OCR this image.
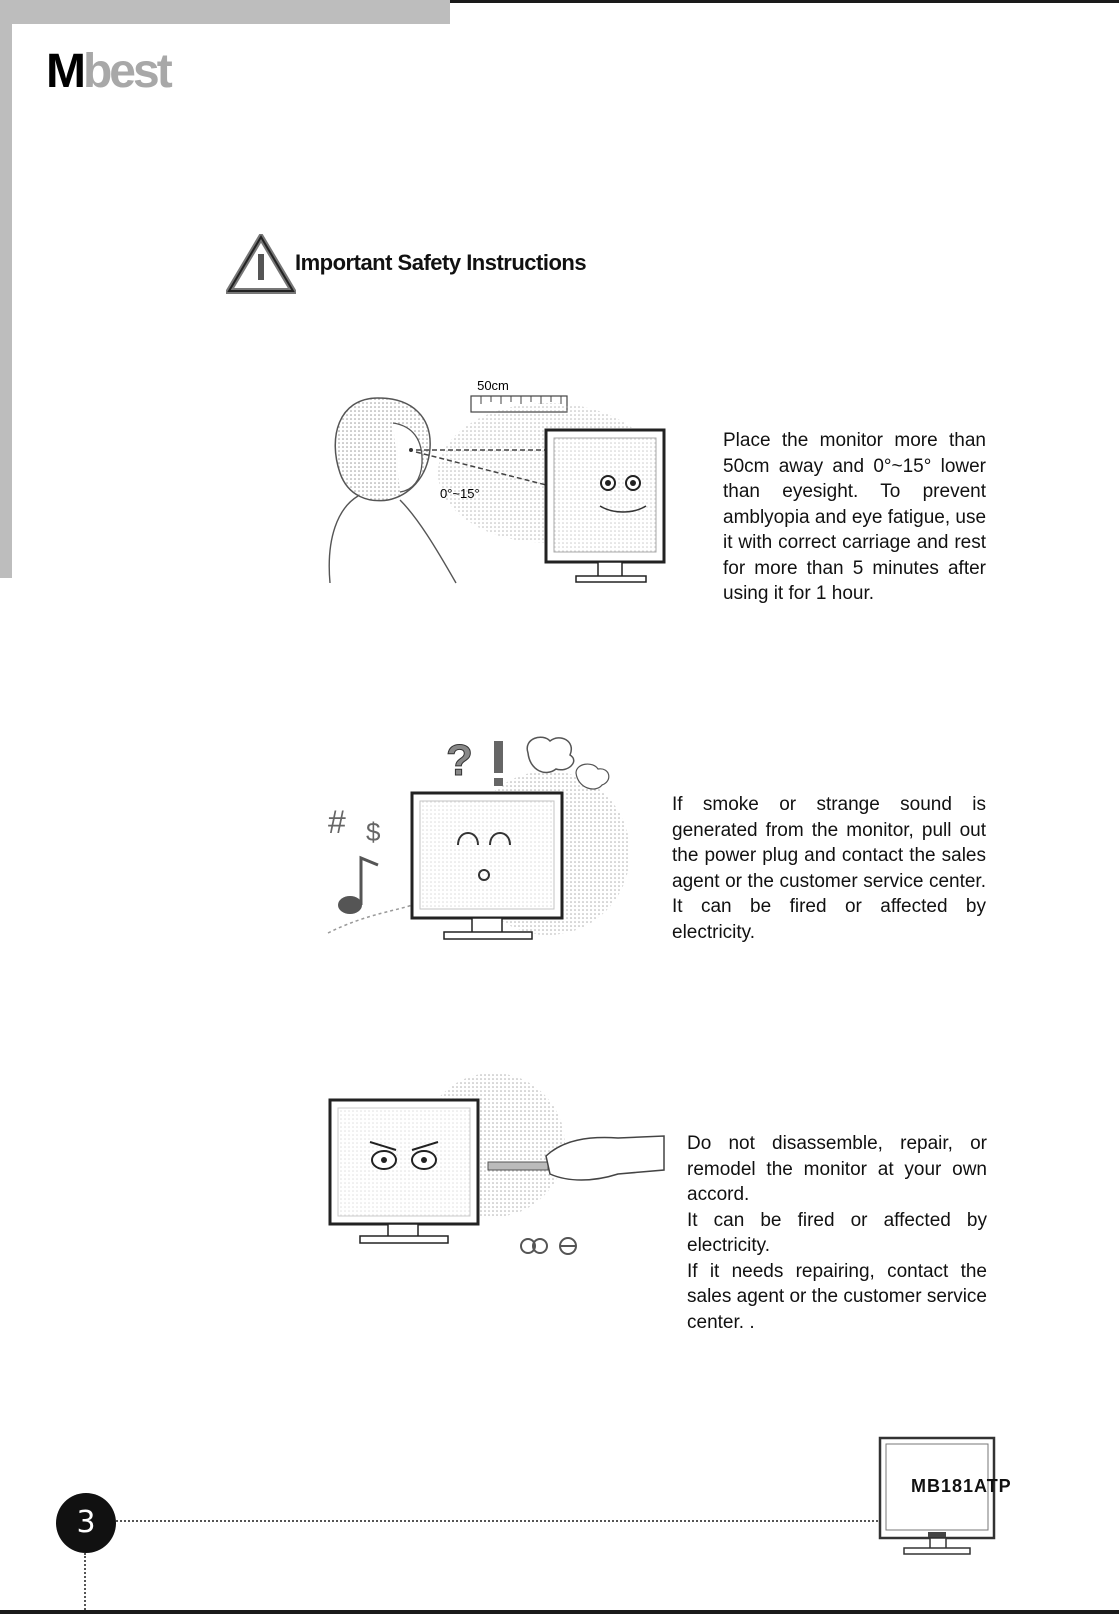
Mbest
Important Safety Instructions
50cm
0°~15°

Place the monitor more than 50cm away and 0°~15° lower than eyesight. To prevent amblyopia and eye fatigue, use it with correct carriage and rest for more than 5 minutes after using it for 1 hour.

?
# $

If smoke or strange sound is generated from the monitor, pull out the power plug and contact the sales agent or the customer service center. It can be fired or affected by electricity.

Do not disassemble, repair, or remodel the monitor at your own accord.

It can be fired or affected by electricity.

If it needs repairing, contact the sales agent or the customer service center. .

3
MB181ATP
